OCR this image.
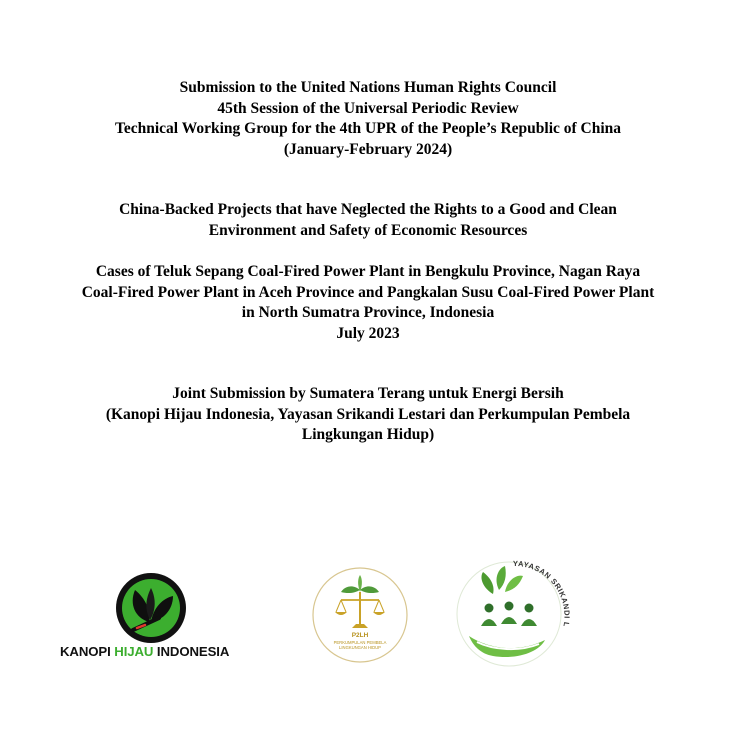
Submission to the United Nations Human Rights Council
45th Session of the Universal Periodic Review
Technical Working Group for the 4th UPR of the People’s Republic of China
(January-February 2024)
China-Backed Projects that have Neglected the Rights to a Good and Clean
Environment and Safety of Economic Resources
Cases of Teluk Sepang Coal-Fired Power Plant in Bengkulu Province, Nagan Raya
Coal-Fired Power Plant in Aceh Province and Pangkalan Susu Coal-Fired Power Plant
in North Sumatra Province, Indonesia
July 2023
Joint Submission by Sumatera Terang untuk Energi Bersih
(Kanopi Hijau Indonesia, Yayasan Srikandi Lestari dan Perkumpulan Pembela
Lingkungan Hidup)
KANOPI HIJAU INDONESIA
P2LH
PERKUMPULAN PEMBELA
LINGKUNGAN HIDUP
YAYASAN SRIKANDI L
